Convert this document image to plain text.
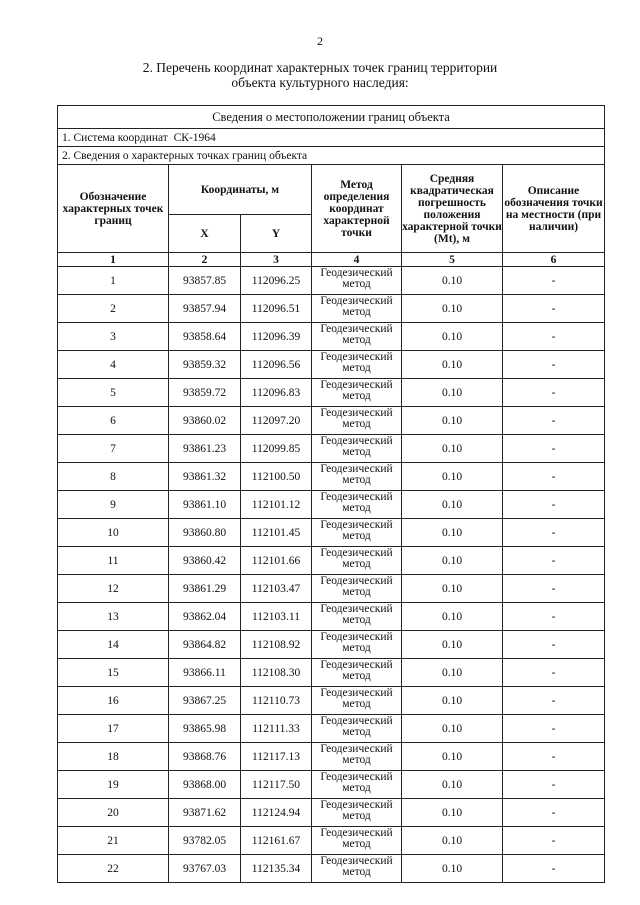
2
2. Перечень координат характерных точек границ территории
объекта культурного наследия:
Сведения о местоположении границ объекта					
1. Система координат СК-1964					
2. Сведения о характерных точках границ объекта					
Обозначение характерных точек границ	Координаты, м		Метод определения координат характерной точки	Средняя квадратическая погрешность положения характерной точки (Mt), м	Описание обозначения точки на местности (при наличии)
	X	Y			
1	2	3	4	5	6
1	93857.85	112096.25	Геодезический метод	0.10	-
2	93857.94	112096.51	Геодезический метод	0.10	-
3	93858.64	112096.39	Геодезический метод	0.10	-
4	93859.32	112096.56	Геодезический метод	0.10	-
5	93859.72	112096.83	Геодезический метод	0.10	-
6	93860.02	112097.20	Геодезический метод	0.10	-
7	93861.23	112099.85	Геодезический метод	0.10	-
8	93861.32	112100.50	Геодезический метод	0.10	-
9	93861.10	112101.12	Геодезический метод	0.10	-
10	93860.80	112101.45	Геодезический метод	0.10	-
11	93860.42	112101.66	Геодезический метод	0.10	-
12	93861.29	112103.47	Геодезический метод	0.10	-
13	93862.04	112103.11	Геодезический метод	0.10	-
14	93864.82	112108.92	Геодезический метод	0.10	-
15	93866.11	112108.30	Геодезический метод	0.10	-
16	93867.25	112110.73	Геодезический метод	0.10	-
17	93865.98	112111.33	Геодезический метод	0.10	-
18	93868.76	112117.13	Геодезический метод	0.10	-
19	93868.00	112117.50	Геодезический метод	0.10	-
20	93871.62	112124.94	Геодезический метод	0.10	-
21	93782.05	112161.67	Геодезический метод	0.10	-
22	93767.03	112135.34	Геодезический метод	0.10	-
